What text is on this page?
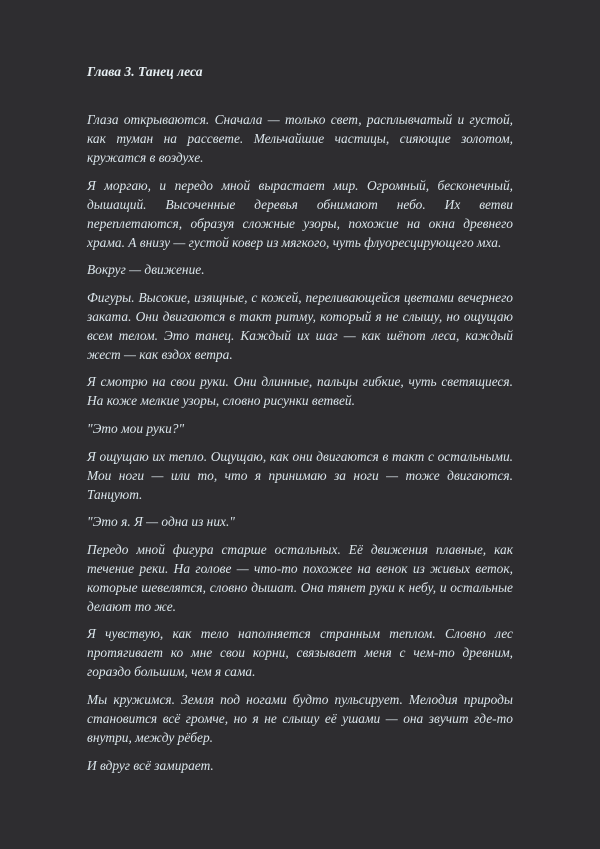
Глава 3. Танец леса

Глаза открываются. Сначала — только свет, расплывчатый и густой, как туман на рассвете. Мельчайшие частицы, сияющие золотом, кружатся в воздухе.

Я моргаю, и передо мной вырастает мир. Огромный, бесконечный, дышащий. Высоченные деревья обнимают небо. Их ветви переплетаются, образуя сложные узоры, похожие на окна древнего храма. А внизу — густой ковер из мягкого, чуть флуоресцирующего мха.

Вокруг — движение.

Фигуры. Высокие, изящные, с кожей, переливающейся цветами вечернего заката. Они двигаются в такт ритму, который я не слышу, но ощущаю всем телом. Это танец. Каждый их шаг — как шёпот леса, каждый жест — как вздох ветра.

Я смотрю на свои руки. Они длинные, пальцы гибкие, чуть светящиеся. На коже мелкие узоры, словно рисунки ветвей.

"Это мои руки?"

Я ощущаю их тепло. Ощущаю, как они двигаются в такт с остальными. Мои ноги — или то, что я принимаю за ноги — тоже двигаются. Танцуют.

"Это я. Я — одна из них."

Передо мной фигура старше остальных. Её движения плавные, как течение реки. На голове — что-то похожее на венок из живых веток, которые шевелятся, словно дышат. Она тянет руки к небу, и остальные делают то же.

Я чувствую, как тело наполняется странным теплом. Словно лес протягивает ко мне свои корни, связывает меня с чем-то древним, гораздо большим, чем я сама.

Мы кружимся. Земля под ногами будто пульсирует. Мелодия природы становится всё громче, но я не слышу её ушами — она звучит где-то внутри, между рёбер.

И вдруг всё замирает.
